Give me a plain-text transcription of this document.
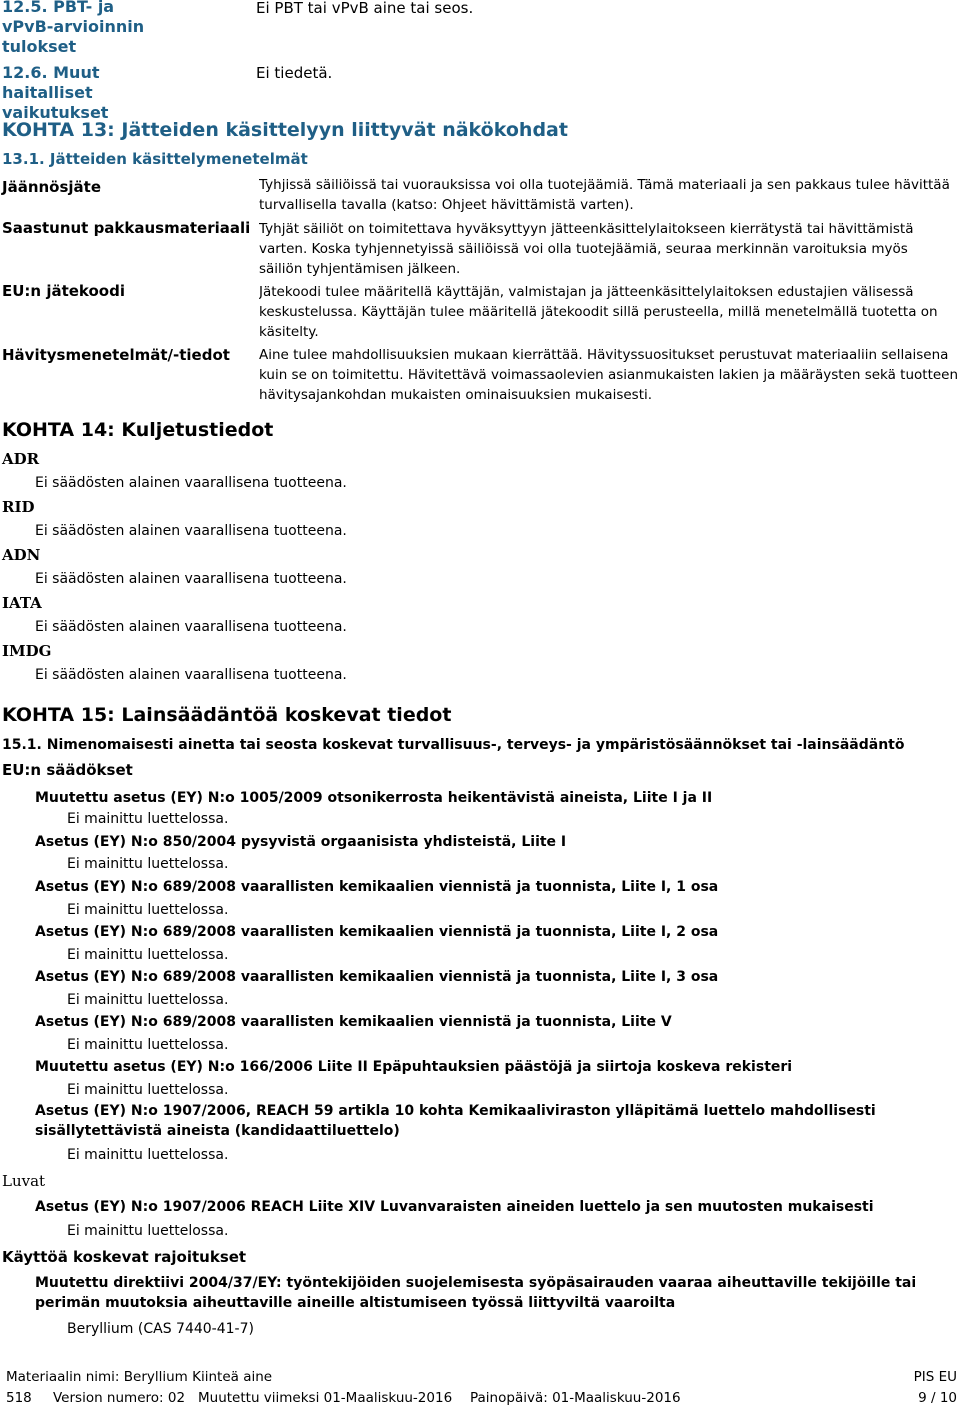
12.5. PBT- ja vPvB-arvioinnin tulokset
Ei PBT tai vPvB aine tai seos.
12.6. Muut haitalliset vaikutukset
Ei tiedetä.
KOHTA 13: Jätteiden käsittelyyn liittyvät näkökohdat
13.1. Jätteiden käsittelymenetelmät
Jäännösjäte
Saastunut pakkausmateriaali
EU:n jätekoodi
Hävitysmenetelmät/-tiedot
Tyhjissä säiliöissä tai vuorauksissa voi olla tuotejäämiä. Tämä materiaali ja sen pakkaus tulee hävittää turvallisella tavalla (katso: Ohjeet hävittämistä varten).
Tyhjät säiliöt on toimitettava hyväksyttyyn jätteenkäsittelylaitokseen kierrätystä tai hävittämistä varten. Koska tyhjennetyissä säiliöissä voi olla tuotejäämiä, seuraa merkinnän varoituksia myös säiliön tyhjentämisen jälkeen.
Jätekoodi tulee määritellä käyttäjän, valmistajan ja jätteenkäsittelylaitoksen edustajien välisessä keskustelussa. Käyttäjän tulee määritellä jätekoodit sillä perusteella, millä menetelmällä tuotetta on käsitelty.
Aine tulee mahdollisuuksien mukaan kierrättää. Hävityssuositukset perustuvat materiaaliin sellaisena kuin se on toimitettu. Hävitettävä voimassaolevien asianmukaisten lakien ja määräysten sekä tuotteen hävitysajankohdan mukaisten ominaisuuksien mukaisesti.
KOHTA 14: Kuljetustiedot
ADR
Ei säädösten alainen vaarallisena tuotteena.
RID
Ei säädösten alainen vaarallisena tuotteena.
ADN
Ei säädösten alainen vaarallisena tuotteena.
IATA
Ei säädösten alainen vaarallisena tuotteena.
IMDG
Ei säädösten alainen vaarallisena tuotteena.
KOHTA 15: Lainsäädäntöä koskevat tiedot
15.1. Nimenomaisesti ainetta tai seosta koskevat turvallisuus-, terveys- ja ympäristösäännökset tai -lainsäädäntö
EU:n säädökset
Muutettu asetus (EY) N:o 1005/2009 otsonikerrosta heikentävistä aineista, Liite I ja II
Ei mainittu luettelossa.
Asetus (EY) N:o 850/2004 pysyvistä orgaanisista yhdisteistä, Liite I
Ei mainittu luettelossa.
Asetus (EY) N:o 689/2008 vaarallisten kemikaalien viennistä ja tuonnista, Liite I, 1 osa
Ei mainittu luettelossa.
Asetus (EY) N:o 689/2008 vaarallisten kemikaalien viennistä ja tuonnista, Liite I, 2 osa
Ei mainittu luettelossa.
Asetus (EY) N:o 689/2008 vaarallisten kemikaalien viennistä ja tuonnista, Liite I, 3 osa
Ei mainittu luettelossa.
Asetus (EY) N:o 689/2008 vaarallisten kemikaalien viennistä ja tuonnista, Liite V
Ei mainittu luettelossa.
Muutettu asetus (EY) N:o 166/2006 Liite II Epäpuhtauksien päästöjä ja siirtoja koskeva rekisteri
Ei mainittu luettelossa.
Asetus (EY) N:o 1907/2006, REACH 59 artikla 10 kohta Kemikaaliviraston ylläpitämä luettelo mahdollisesti
sisällytettävistä aineista (kandidaattiluettelo)
Ei mainittu luettelossa.
Luvat
Asetus (EY) N:o 1907/2006 REACH Liite XIV Luvanvaraisten aineiden luettelo ja sen muutosten mukaisesti
Ei mainittu luettelossa.
Käyttöä koskevat rajoitukset
Muutettu direktiivi 2004/37/EY: työntekijöiden suojelemisesta syöpäsairauden vaaraa aiheuttaville tekijöille tai
perimän muutoksia aiheuttaville aineille altistumiseen työssä liittyviltä vaaroilta
Beryllium (CAS 7440-41-7)
Materiaalin nimi: Beryllium Kiinteä aine	PIS EU
518 Version numero: 02 Muutettu viimeksi 01-Maaliskuu-2016 Painopäivä: 01-Maaliskuu-2016	9 / 10
